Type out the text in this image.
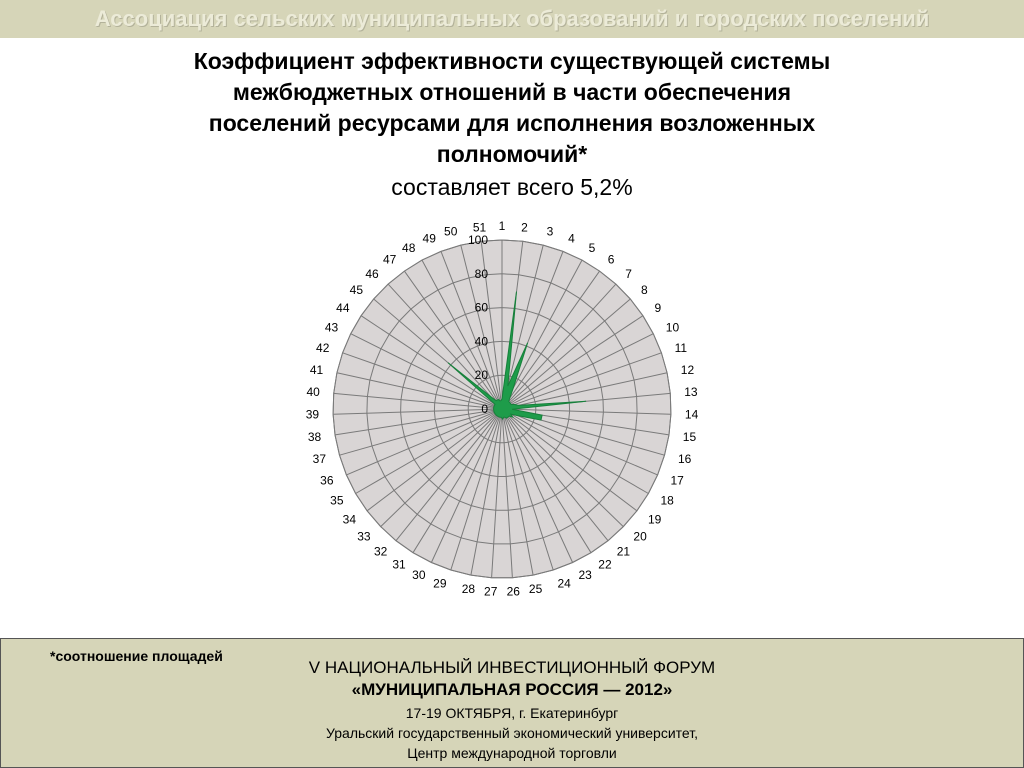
Ассоциация сельских муниципальных образований и городских поселений
Коэффициент эффективности существующей системы
межбюджетных отношений в части обеспечения
поселений ресурсами для исполнения возложенных
полномочий*
составляет всего 5,2%
0
20
40
60
80
100
1 2 3 4
5
6
7
8
9
10
11
12
13
14
15
16
17
18
19
20
21
22
23
24
25
26
27
28
29
30
31
32
33
34
35
36
37
38
39
40
41
42
43
44
45
46
47
48
49 50 51
*соотношение площадей
V НАЦИОНАЛЬНЫЙ ИНВЕСТИЦИОННЫЙ ФОРУМ
«МУНИЦИПАЛЬНАЯ РОССИЯ — 2012»
17-19 ОКТЯБРЯ, г. Екатеринбург
Уральский государственный экономический университет,
Центр международной торговли
